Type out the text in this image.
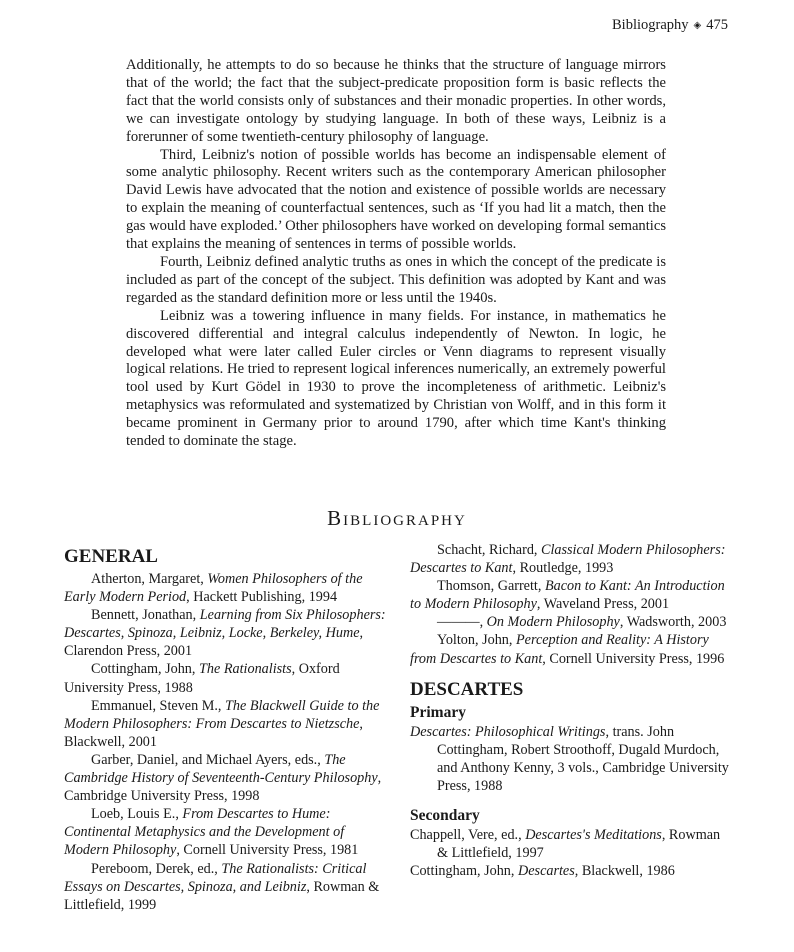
Bibliography ◈ 475

Additionally, he attempts to do so because he thinks that the structure of language mirrors that of the world; the fact that the subject-predicate proposition form is basic reflects the fact that the world consists only of substances and their monadic properties. In other words, we can investigate ontology by studying language. In both of these ways, Leibniz is a forerunner of some twentieth-century philosophy of language.

Third, Leibniz's notion of possible worlds has become an indispensable element of some analytic philosophy. Recent writers such as the contemporary American philosopher David Lewis have advocated that the notion and existence of possible worlds are necessary to explain the meaning of counterfactual sentences, such as ‘If you had lit a match, then the gas would have exploded.’ Other philosophers have worked on developing formal semantics that explains the meaning of sentences in terms of possible worlds.

Fourth, Leibniz defined analytic truths as ones in which the concept of the predicate is included as part of the concept of the subject. This definition was adopted by Kant and was regarded as the standard definition more or less until the 1940s.

Leibniz was a towering influence in many fields. For instance, in mathematics he discovered differential and integral calculus independently of Newton. In logic, he developed what were later called Euler circles or Venn diagrams to represent visually logical relations. He tried to represent logical inferences numerically, an extremely powerful tool used by Kurt Gödel in 1930 to prove the incompleteness of arithmetic. Leibniz's metaphysics was reformulated and systematized by Christian von Wolff, and in this form it became prominent in Germany prior to around 1790, after which time Kant's thinking tended to dominate the stage.

Bibliography
GENERAL

Atherton, Margaret, Women Philosophers of the Early Modern Period, Hackett Publishing, 1994

Bennett, Jonathan, Learning from Six Philosophers: Descartes, Spinoza, Leibniz, Locke, Berkeley, Hume, Clarendon Press, 2001

Cottingham, John, The Rationalists, Oxford University Press, 1988

Emmanuel, Steven M., The Blackwell Guide to the Modern Philosophers: From Descartes to Nietzsche, Blackwell, 2001

Garber, Daniel, and Michael Ayers, eds., The Cambridge History of Seventeenth-Century Philosophy, Cambridge University Press, 1998

Loeb, Louis E., From Descartes to Hume: Continental Metaphysics and the Development of Modern Philosophy, Cornell University Press, 1981

Pereboom, Derek, ed., The Rationalists: Critical Essays on Descartes, Spinoza, and Leibniz, Rowman & Littlefield, 1999

Schacht, Richard, Classical Modern Philosophers: Descartes to Kant, Routledge, 1993

Thomson, Garrett, Bacon to Kant: An Introduction to Modern Philosophy, Waveland Press, 2001

———, On Modern Philosophy, Wadsworth, 2003

Yolton, John, Perception and Reality: A History from Descartes to Kant, Cornell University Press, 1996

DESCARTES
Primary

Descartes: Philosophical Writings, trans. John Cottingham, Robert Stroothoff, Dugald Murdoch, and Anthony Kenny, 3 vols., Cambridge University Press, 1988

Secondary

Chappell, Vere, ed., Descartes's Meditations, Rowman & Littlefield, 1997

Cottingham, John, Descartes, Blackwell, 1986
